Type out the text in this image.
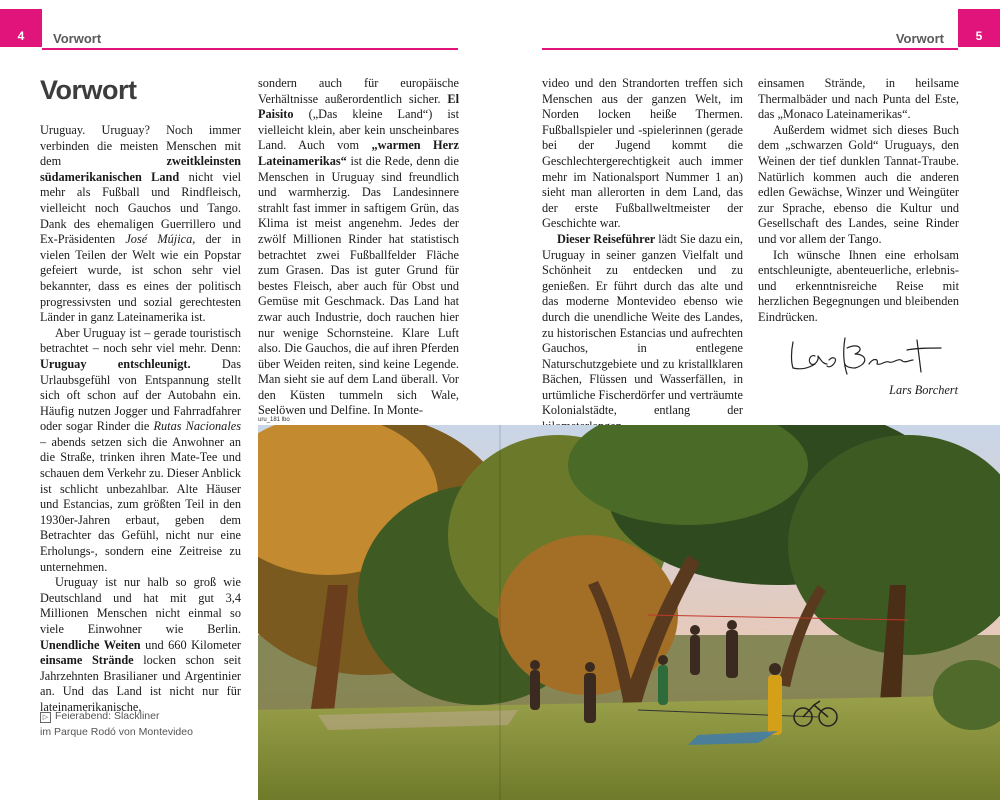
4 Vorwort	5
Vorwort
Vorwort

Uruguay. Uruguay? Noch immer verbinden die meisten Menschen mit dem zweitkleinsten südamerikanischen Land nicht viel mehr als Fußball und Rindfleisch, vielleicht noch Gauchos und Tango. Dank des ehemaligen Guerrillero und Ex-Präsidenten José Mújica, der in vielen Teilen der Welt wie ein Popstar gefeiert wurde, ist schon sehr viel bekannter, dass es eines der politisch progressivsten und sozial gerechtesten Länder in ganz Lateinamerika ist.

Aber Uruguay ist – gerade touristisch betrachtet – noch sehr viel mehr. Denn: Uruguay entschleunigt. Das Urlaubsgefühl von Entspannung stellt sich oft schon auf der Autobahn ein. Häufig nutzen Jogger und Fahrradfahrer oder sogar Rinder die Rutas Nacionales – abends setzen sich die Anwohner an die Straße, trinken ihren Mate-Tee und schauen dem Verkehr zu. Dieser Anblick ist schlicht unbezahlbar. Alte Häuser und Estancias, zum größten Teil in den 1930er-Jahren erbaut, geben dem Betrachter das Gefühl, nicht nur eine Erholungs-, sondern eine Zeitreise zu unternehmen.

Uruguay ist nur halb so groß wie Deutschland und hat mit gut 3,4 Millionen Menschen nicht einmal so viele Einwohner wie Berlin. Unendliche Weiten und 660 Kilometer einsame Strände locken schon seit Jahrzehnten Brasilianer und Argentinier an. Und das Land ist nicht nur für lateinamerikanische,

sondern auch für europäische Verhältnisse außerordentlich sicher. El Paisito („Das kleine Land“) ist vielleicht klein, aber kein unscheinbares Land. Auch vom „warmen Herz Lateinamerikas“ ist die Rede, denn die Menschen in Uruguay sind freundlich und warmherzig. Das Landesinnere strahlt fast immer in saftigem Grün, das Klima ist meist angenehm. Jedes der zwölf Millionen Rinder hat statistisch betrachtet zwei Fußballfelder Fläche zum Grasen. Das ist guter Grund für bestes Fleisch, aber auch für Obst und Gemüse mit Geschmack. Das Land hat zwar auch Industrie, doch rauchen hier nur wenige Schornsteine. Klare Luft also. Die Gauchos, die auf ihren Pferden über Weiden reiten, sind keine Legende. Man sieht sie auf dem Land überall. Vor den Küsten tummeln sich Wale, Seelöwen und Delfine. In Monte-

video und den Strandorten treffen sich Menschen aus der ganzen Welt, im Norden locken heiße Thermen. Fußballspieler und -spielerinnen (gerade bei der Jugend kommt die Geschlechtergerechtigkeit auch immer mehr im Nationalsport Nummer 1 an) sieht man allerorten in dem Land, das der erste Fußballweltmeister der Geschichte war.

Dieser Reiseführer lädt Sie dazu ein, Uruguay in seiner ganzen Vielfalt und Schönheit zu entdecken und zu genießen. Er führt durch das alte und das moderne Montevideo ebenso wie durch die unendliche Weite des Landes, zu historischen Estancias und aufrechten Gauchos, in entlegene Naturschutzgebiete und zu kristallklaren Bächen, Flüssen und Wasserfällen, in urtümliche Fischerdörfer und verträumte Kolonialstädte, entlang der

einsamen Strände, in heilsame Thermalbäder und nach Punta del Este, das „Monaco Lateinamerikas“.

Außerdem widmet sich dieses Buch dem „schwarzen Gold“ Uruguays, den Weinen der tief dunklen Tannat-Traube. Natürlich kommen auch die anderen edlen Gewächse, Winzer und Weingüter zur Sprache, ebenso die Kultur und Gesellschaft des Landes, seine Rinder und vor allem der Tango.

Ich wünsche Ihnen eine erholsam entschleunigte, abenteuerliche, erlebnis- und erkenntnisreiche Reise mit herzlichen Begegnungen und bleibenden Eindrücken.

Lars Borchert
uru_181 lbo
▷ Feierabend: Slackliner
im Parque Rodó von Montevideo
